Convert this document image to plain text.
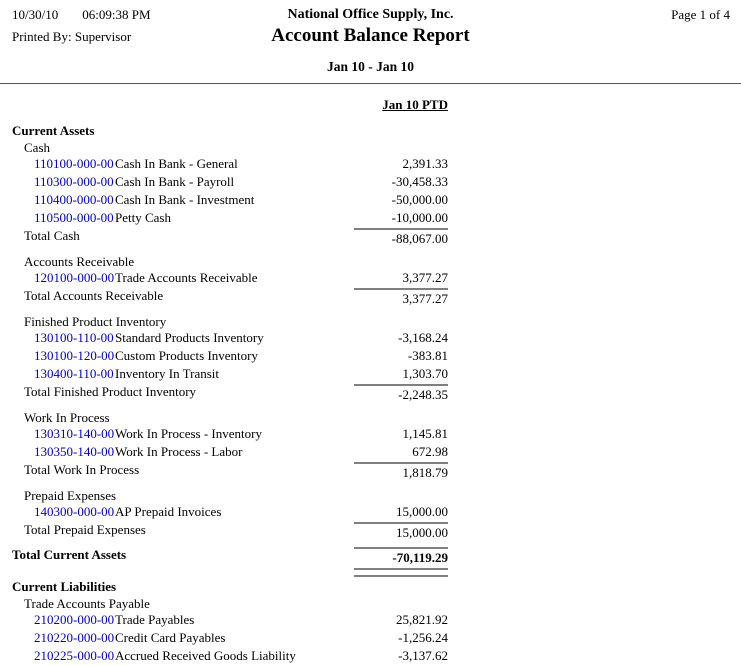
10/30/10 06:09:38 PM
Printed By: Supervisor
National Office Supply, Inc.
Account Balance Report
Page 1 of 4
Jan 10 - Jan 10
Jan 10 PTD
Current Assets
Cash
110100-000-00 Cash In Bank - General	2,391.33
110300-000-00 Cash In Bank - Payroll	-30,458.33
110400-000-00 Cash In Bank - Investment	-50,000.00
110500-000-00 Petty Cash	-10,000.00
Total Cash	-88,067.00
Accounts Receivable
120100-000-00 Trade Accounts Receivable	3,377.27
Total Accounts Receivable	3,377.27
Finished Product Inventory
130100-110-00 Standard Products Inventory	-3,168.24
130100-120-00 Custom Products Inventory	-383.81
130400-110-00 Inventory In Transit	1,303.70
Total Finished Product Inventory	-2,248.35
Work In Process
130310-140-00 Work In Process - Inventory	1,145.81
130350-140-00 Work In Process - Labor	672.98
Total Work In Process	1,818.79
Prepaid Expenses
140300-000-00 AP Prepaid Invoices	15,000.00
Total Prepaid Expenses	15,000.00
Total Current Assets	-70,119.29
Current Liabilities
Trade Accounts Payable
210200-000-00 Trade Payables	25,821.92
210220-000-00 Credit Card Payables	-1,256.24
210225-000-00 Accrued Received Goods Liability	-3,137.62
